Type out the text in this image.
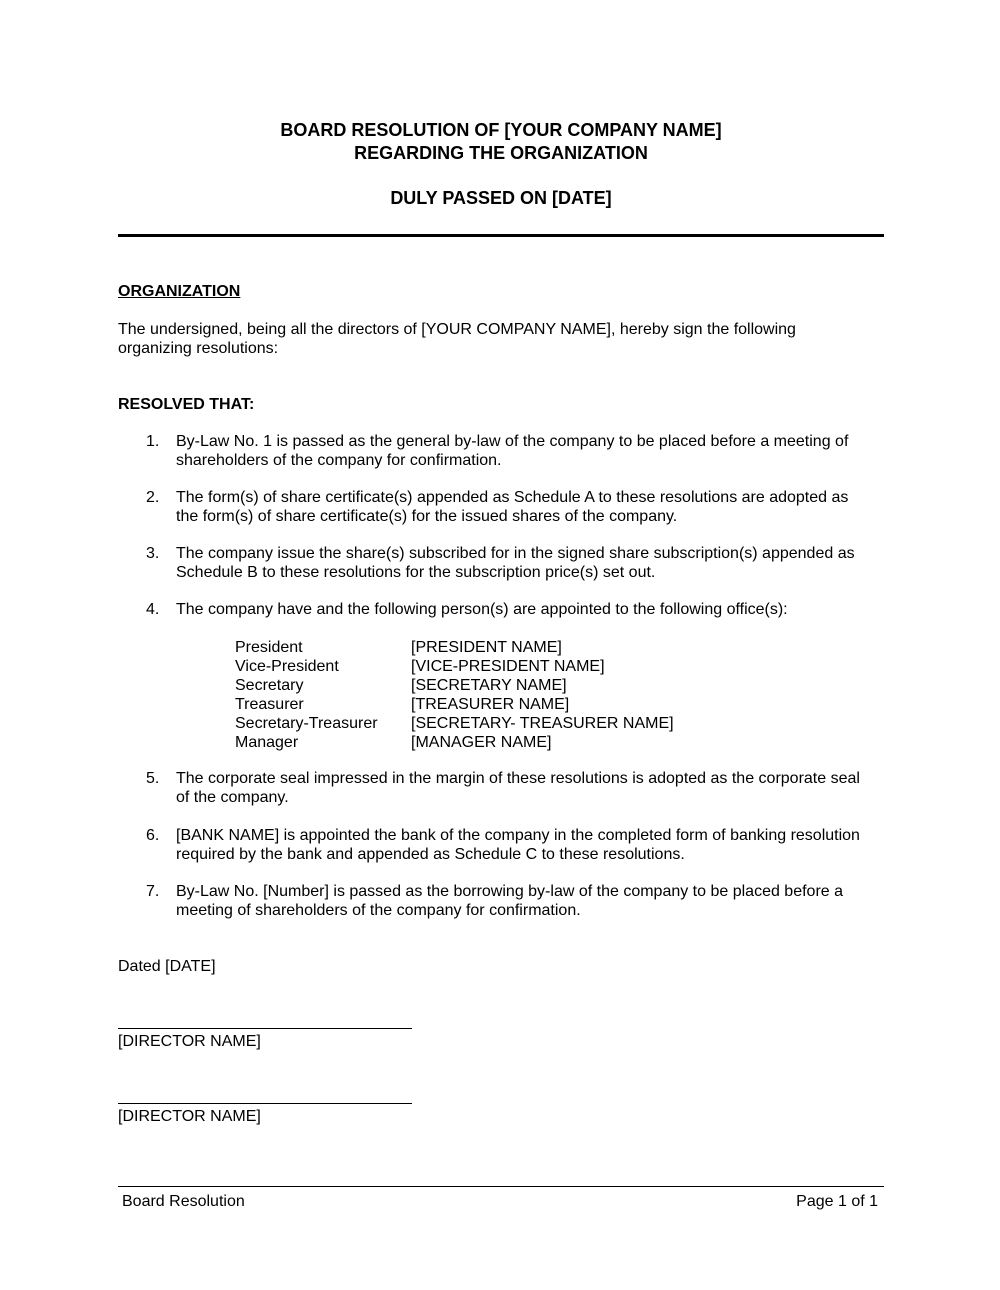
BOARD RESOLUTION OF [YOUR COMPANY NAME]
REGARDING THE ORGANIZATION
DULY PASSED ON [DATE]
ORGANIZATION
The undersigned, being all the directors of [YOUR COMPANY NAME], hereby sign the following
organizing resolutions:
RESOLVED THAT:
1. By-Law No. 1 is passed as the general by-law of the company to be placed before a meeting of
shareholders of the company for confirmation.
2. The form(s) of share certificate(s) appended as Schedule A to these resolutions are adopted as
the form(s) of share certificate(s) for the issued shares of the company.
3. The company issue the share(s) subscribed for in the signed share subscription(s) appended as
Schedule B to these resolutions for the subscription price(s) set out.
4. The company have and the following person(s) are appointed to the following office(s):
President	[PRESIDENT NAME]
Vice-President	[VICE-PRESIDENT NAME]
Secretary	[SECRETARY NAME]
Treasurer	[TREASURER NAME]
Secretary-Treasurer [SECRETARY- TREASURER NAME]
Manager	[MANAGER NAME]
5. The corporate seal impressed in the margin of these resolutions is adopted as the corporate seal
of the company.
6. [BANK NAME] is appointed the bank of the company in the completed form of banking resolution
required by the bank and appended as Schedule C to these resolutions.
7. By-Law No. [Number] is passed as the borrowing by-law of the company to be placed before a
meeting of shareholders of the company for confirmation.
Dated [DATE]
[DIRECTOR NAME]
[DIRECTOR NAME]
Board Resolution	Page 1 of 1
